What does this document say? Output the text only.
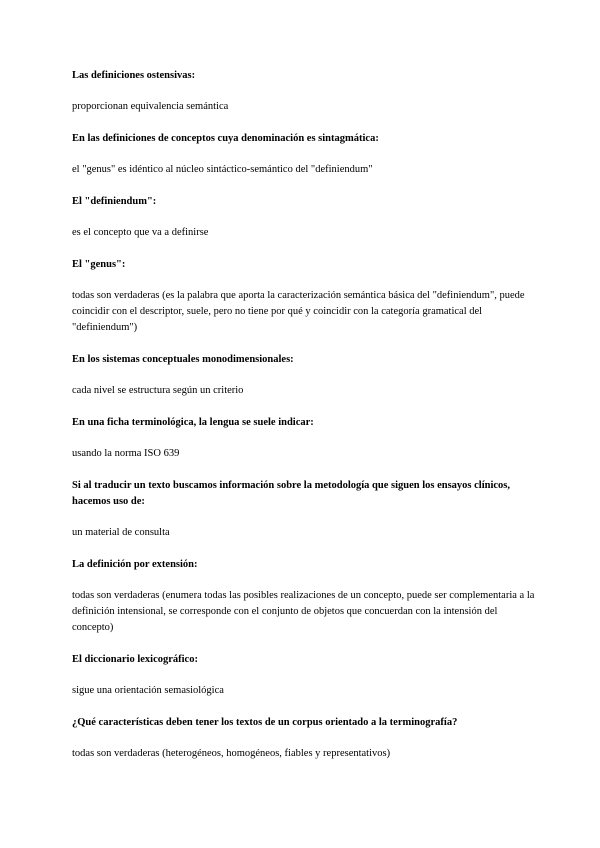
Las definiciones ostensivas:

proporcionan equivalencia semántica

En las definiciones de conceptos cuya denominación es sintagmática:

el "genus" es idéntico al núcleo sintáctico-semántico del "definiendum"

El "definiendum":

es el concepto que va a definirse

El "genus":

todas son verdaderas (es la palabra que aporta la caracterización semántica básica del "definiendum", puede coincidir con el descriptor, suele, pero no tiene por qué y coincidir con la categoría gramatical del "definiendum")

En los sistemas conceptuales monodimensionales:

cada nivel se estructura según un criterio

En una ficha terminológica, la lengua se suele indicar:

usando la norma ISO 639

Si al traducir un texto buscamos información sobre la metodología que siguen los ensayos clínicos, hacemos uso de:

un material de consulta

La definición por extensión:

todas son verdaderas (enumera todas las posibles realizaciones de un concepto, puede ser complementaria a la definición intensional, se corresponde con el conjunto de objetos que concuerdan con la intensión del concepto)

El diccionario lexicográfico:

sigue una orientación semasiológica

¿Qué características deben tener los textos de un corpus orientado a la terminografía?

todas son verdaderas (heterogéneos, homogéneos, fiables y representativos)
